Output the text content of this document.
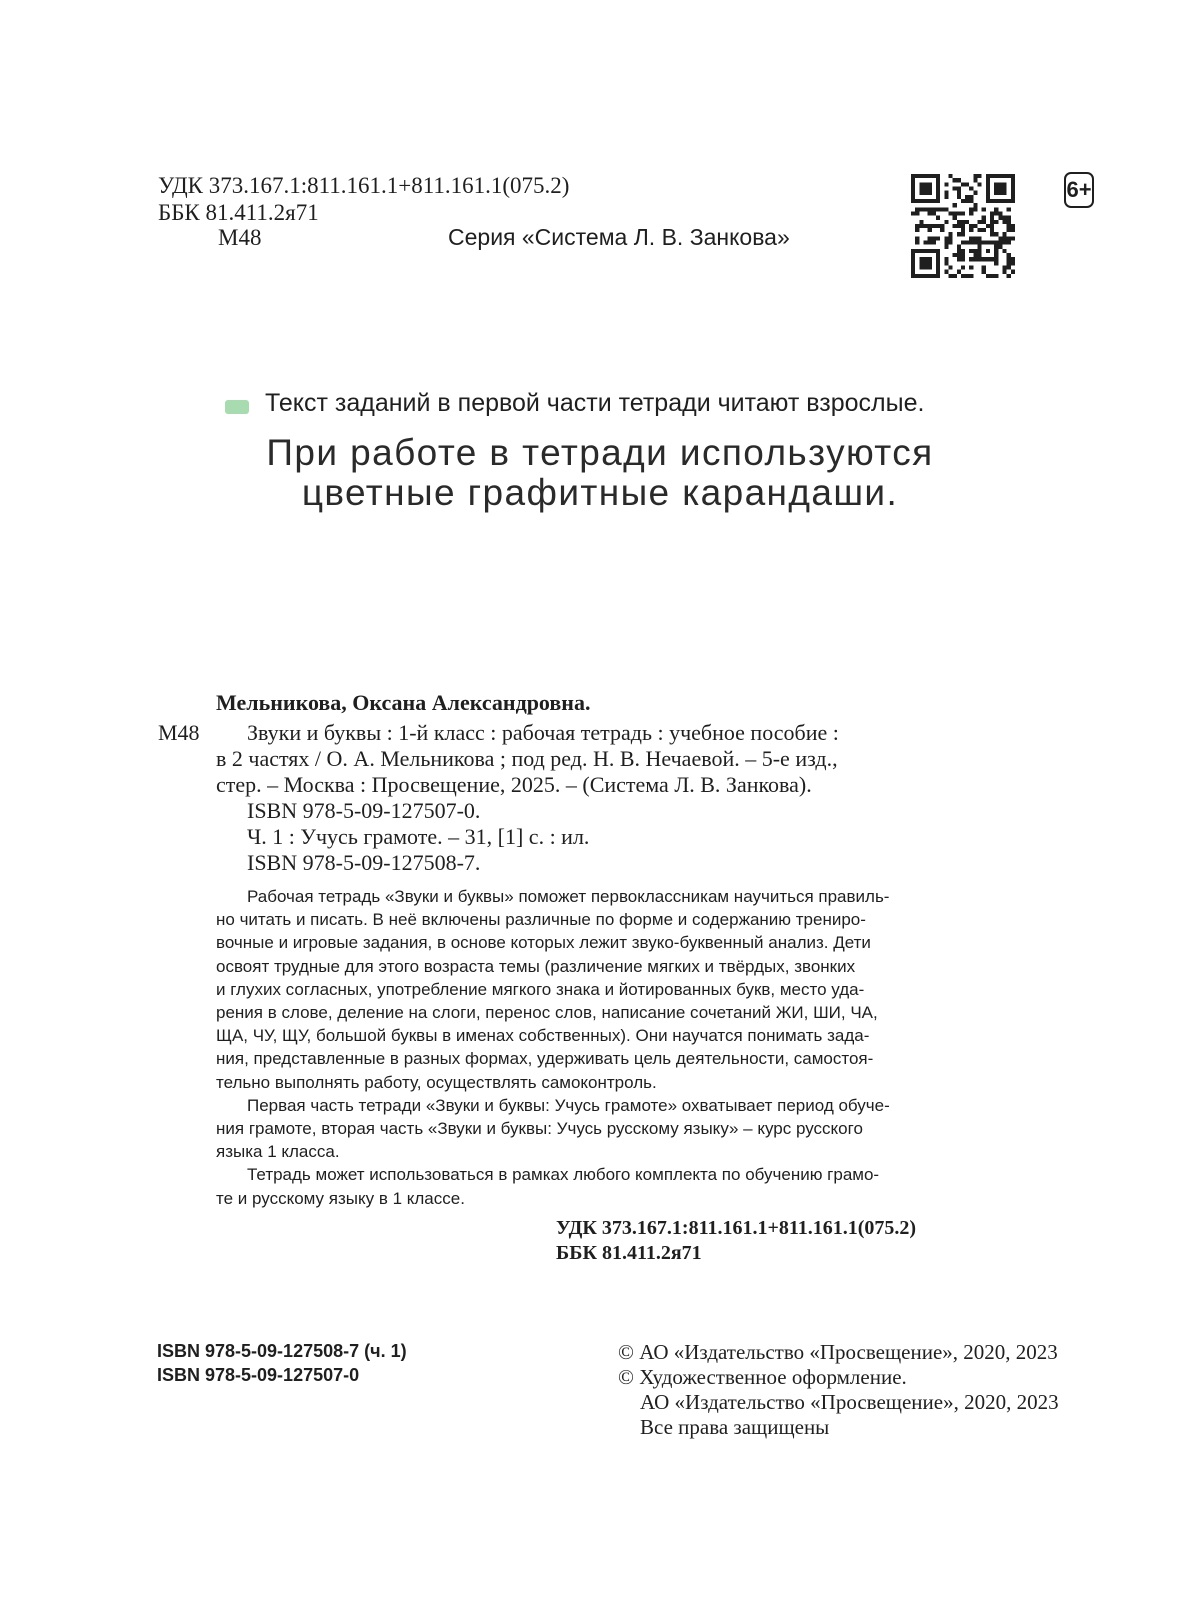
УДК 373.167.1:811.161.1+811.161.1(075.2)

ББК 81.411.2я71

М48	Серия «Система Л. В. Занкова»

6+

Текст заданий в первой части тетради читают взрослые.

При работе в тетради используются

цветные графитные карандаши.

Мельникова, Оксана Александровна.

М48 Звуки и буквы : 1-й класс : рабочая тетрадь : учебное пособие :

в 2 частях / О. А. Мельникова ; под ред. Н. В. Нечаевой. – 5-е изд.,

стер. – Москва : Просвещение, 2025. – (Система Л. В. Занкова).

ISBN 978-5-09-127507-0.

Ч. 1 : Учусь грамоте. – 31, [1] с. : ил.

ISBN 978-5-09-127508-7.

Рабочая тетрадь «Звуки и буквы» поможет первоклассникам научиться правиль-

но читать и писать. В неё включены различные по форме и содержанию трениро-

вочные и игровые задания, в основе которых лежит звуко-буквенный анализ. Дети

освоят трудные для этого возраста темы (различение мягких и твёрдых, звонких

и глухих согласных, употребление мягкого знака и йотированных букв, место уда-

рения в слове, деление на слоги, перенос слов, написание сочетаний ЖИ, ШИ, ЧА,

ЩА, ЧУ, ЩУ, большой буквы в именах собственных). Они научатся понимать зада-

ния, представленные в разных формах, удерживать цель деятельности, самостоя-

тельно выполнять работу, осуществлять самоконтроль.

Первая часть тетради «Звуки и буквы: Учусь грамоте» охватывает период обуче-

ния грамоте, вторая часть «Звуки и буквы: Учусь русскому языку» – курс русского

языка 1 класса.

Тетрадь может использоваться в рамках любого комплекта по обучению грамо-

те и русскому языку в 1 классе.

УДК 373.167.1:811.161.1+811.161.1(075.2)

ББК 81.411.2я71

ISBN 978-5-09-127508-7 (ч. 1)

ISBN 978-5-09-127507-0

© АО «Издательство «Просвещение», 2020, 2023

© Художественное оформление.

АО «Издательство «Просвещение», 2020, 2023

Все права защищены
